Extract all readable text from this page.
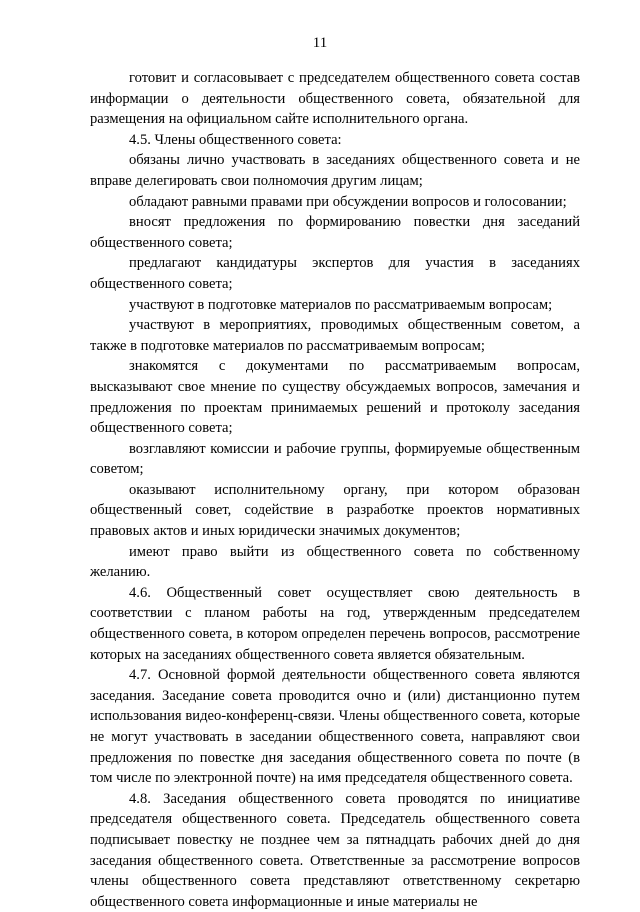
11

готовит и согласовывает с председателем общественного совета состав информации о деятельности общественного совета, обязательной для размещения на официальном сайте исполнительного органа.

4.5. Члены общественного совета:

обязаны лично участвовать в заседаниях общественного совета и не вправе делегировать свои полномочия другим лицам;

обладают равными правами при обсуждении вопросов и голосовании;

вносят предложения по формированию повестки дня заседаний общественного совета;

предлагают кандидатуры экспертов для участия в заседаниях общественного совета;

участвуют в подготовке материалов по рассматриваемым вопросам;

участвуют в мероприятиях, проводимых общественным советом, а также в подготовке материалов по рассматриваемым вопросам;

знакомятся с документами по рассматриваемым вопросам, высказывают свое мнение по существу обсуждаемых вопросов, замечания и предложения по проектам принимаемых решений и протоколу заседания общественного совета;

возглавляют комиссии и рабочие группы, формируемые общественным советом;

оказывают исполнительному органу, при котором образован общественный совет, содействие в разработке проектов нормативных правовых актов и иных юридически значимых документов;

имеют право выйти из общественного совета по собственному желанию.

4.6. Общественный совет осуществляет свою деятельность в соответствии с планом работы на год, утвержденным председателем общественного совета, в котором определен перечень вопросов, рассмотрение которых на заседаниях общественного совета является обязательным.

4.7. Основной формой деятельности общественного совета являются заседания. Заседание совета проводится очно и (или) дистанционно путем использования видео-конференц-связи. Члены общественного совета, которые не могут участвовать в заседании общественного совета, направляют свои предложения по повестке дня заседания общественного совета по почте (в том числе по электронной почте) на имя председателя общественного совета.

4.8. Заседания общественного совета проводятся по инициативе председателя общественного совета. Председатель общественного совета подписывает повестку не позднее чем за пятнадцать рабочих дней до дня заседания общественного совета. Ответственные за рассмотрение вопросов члены общественного совета представляют ответственному секретарю общественного совета информационные и иные материалы не
